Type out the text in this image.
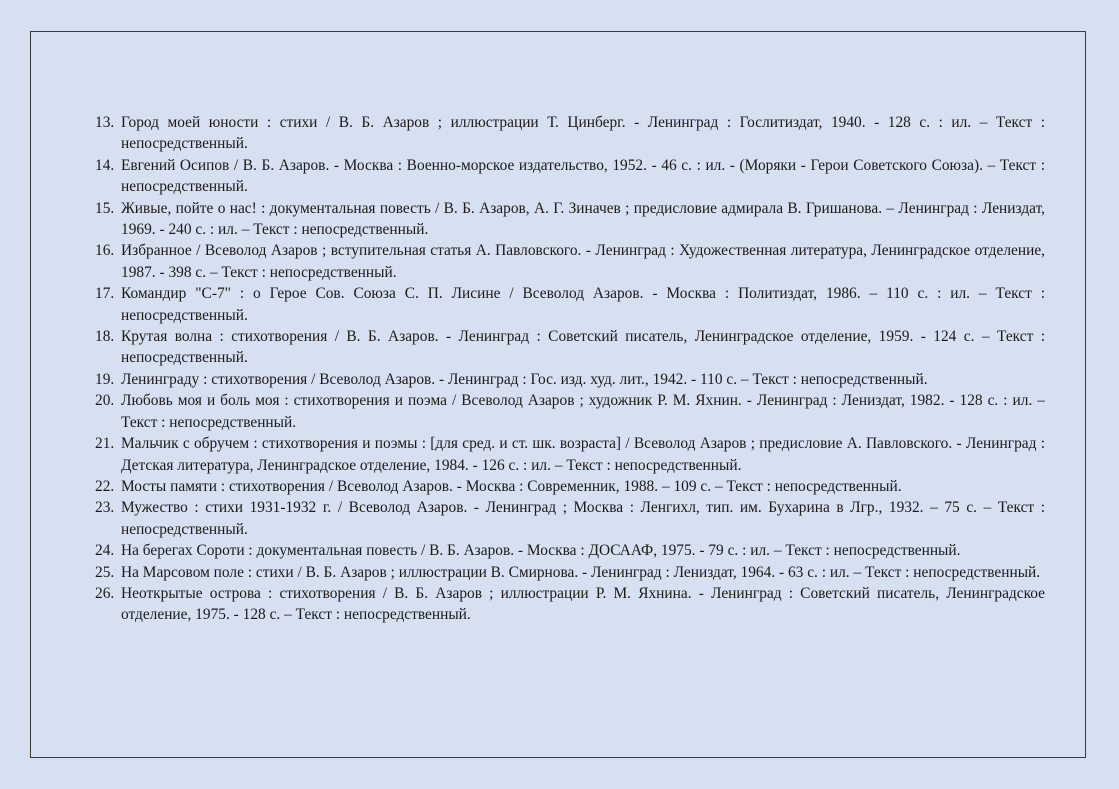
13. Город моей юности : стихи / В. Б. Азаров ; иллюстрации Т. Цинберг. - Ленинград : Гослитиздат, 1940. - 128 с. : ил. – Текст : непосредственный.
14. Евгений Осипов / В. Б. Азаров. - Москва : Военно-морское издательство, 1952. - 46 с. : ил. - (Моряки - Герои Советского Союза). – Текст : непосредственный.
15. Живые, пойте о нас! : документальная повесть / В. Б. Азаров, А. Г. Зиначев ; предисловие адмирала В. Гришанова. – Ленинград : Лениздат, 1969. - 240 с. : ил. – Текст : непосредственный.
16. Избранное / Всеволод Азаров ; вступительная статья А. Павловского. - Ленинград : Художественная литература, Ленинградское отделение, 1987. - 398 с. – Текст : непосредственный.
17. Командир "С-7" : о Герое Сов. Союза С. П. Лисине / Всеволод Азаров. - Москва : Политиздат, 1986. – 110 с. : ил. – Текст : непосредственный.
18. Крутая волна : стихотворения / В. Б. Азаров. - Ленинград : Советский писатель, Ленинградское отделение, 1959. - 124 с. – Текст : непосредственный.
19. Ленинграду : стихотворения / Всеволод Азаров. - Ленинград : Гос. изд. худ. лит., 1942. - 110 с. – Текст : непосредственный.
20. Любовь моя и боль моя : стихотворения и поэма / Всеволод Азаров ; художник Р. М. Яхнин. - Ленинград : Лениздат, 1982. - 128 с. : ил. – Текст : непосредственный.
21. Мальчик с обручем : стихотворения и поэмы : [для сред. и ст. шк. возраста] / Всеволод Азаров ; предисловие А. Павловского. - Ленинград : Детская литература, Ленинградское отделение, 1984. - 126 с. : ил. – Текст : непосредственный.
22. Мосты памяти : стихотворения / Всеволод Азаров. - Москва : Современник, 1988. – 109 с. – Текст : непосредственный.
23. Мужество : стихи 1931-1932 г. / Всеволод Азаров. - Ленинград ; Москва : Ленгихл, тип. им. Бухарина в Лгр., 1932. – 75 с. – Текст : непосредственный.
24. На берегах Сороти : документальная повесть / В. Б. Азаров. - Москва : ДОСААФ, 1975. - 79 с. : ил. – Текст : непосредственный.
25. На Марсовом поле : стихи / В. Б. Азаров ; иллюстрации В. Смирнова. - Ленинград : Лениздат, 1964. - 63 с. : ил. – Текст : непосредственный.
26. Неоткрытые острова : стихотворения / В. Б. Азаров ; иллюстрации Р. М. Яхнина. - Ленинград : Советский писатель, Ленинградское отделение, 1975. - 128 с. – Текст : непосредственный.
